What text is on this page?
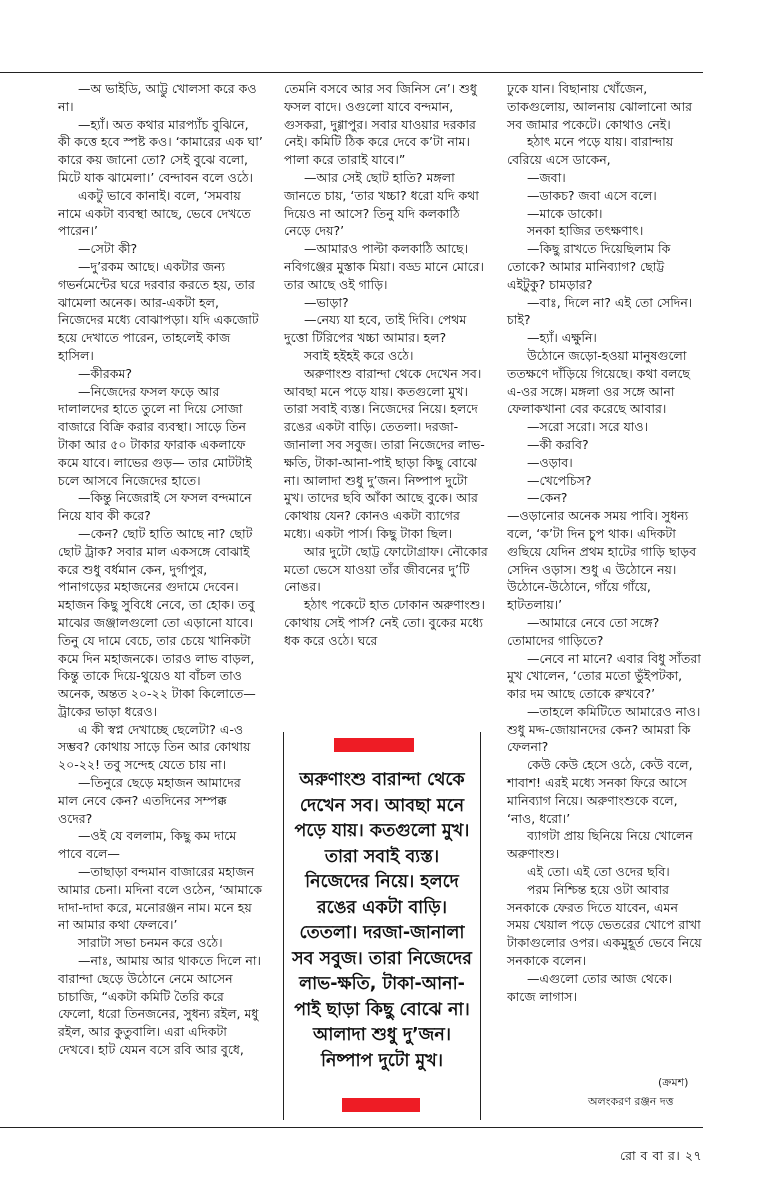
—অ ভাইডি, আট্টু খোলসা করে কও না।

—হ্যাঁ। অত কথার মারপ্যাঁচ বুঝিনে, কী কত্তে হবে স্পষ্ট কও। ‘কামারের এক ঘা’ কারে কয় জানো তো? সেই বুঝে বলো, মিটে যাক ঝামেলা।’ বেন্দাবন বলে ওঠে।

একটু ভাবে কানাই। বলে, ‘সমবায় নামে একটা ব্যবস্থা আছে, ভেবে দেখতে পারেন।’

—সেটা কী?

—দু’রকম আছে। একটার জন্য গভর্নমেন্টের ঘরে দরবার করতে হয়, তার ঝামেলা অনেক। আর-একটা হল, নিজেদের মধ্যে বোঝাপড়া। যদি একজোট হয়ে দেখাতে পারেন, তাহলেই কাজ হাসিল।

—কীরকম?

—নিজেদের ফসল ফড়ে আর দালালদের হাতে তুলে না দিয়ে সোজা বাজারে বিক্রি করার ব্যবস্থা। সাড়ে তিন টাকা আর ৫০ টাকার ফারাক একলাফে কমে যাবে। লাভের গুড়— তার মোটটাই চলে আসবে নিজেদের হাতে।

—কিন্তু নিজেরাই সে ফসল বন্দমানে নিয়ে যাব কী করে?

—কেন? ছোট হাতি আছে না? ছোট ছোট ট্রাক? সবার মাল একসঙ্গে বোঝাই করে শুধু বর্ধমান কেন, দুর্গাপুর, পানাগড়ের মহাজনের গুদামে দেবেন। মহাজন কিছু সুবিধে নেবে, তা হোক। তবু মাঝের জঞ্জালগুলো তো এড়ানো যাবে। তিনু যে দামে বেচে, তার চেয়ে খানিকটা কমে দিন মহাজনকে। তারও লাভ বাড়ল, কিন্তু তাকে দিয়ে-থুয়েও যা বাঁচল তাও অনেক, অন্তত ২০-২২ টাকা কিলোতে— ট্রাকের ভাড়া ধরেও।

এ কী স্বপ্ন দেখাচ্ছে ছেলেটা? এ-ও সম্ভব? কোথায় সাড়ে তিন আর কোথায় ২০-২২! তবু সন্দেহ যেতে চায় না।

—তিনুরে ছেড়ে মহাজন আমাদের মাল নেবে কেন? এতদিনের সম্পক্ক ওদের?

—ওই যে বললাম, কিছু কম দামে পাবে বলে—

—তাছাড়া বন্দমান বাজারের মহাজন আমার চেনা। মদিনা বলে ওঠেন, ‘আমাকে দাদা-দাদা করে, মনোরঞ্জন নাম। মনে হয় না আমার কথা ফেলবে।’

সারাটা সভা চনমন করে ওঠে।

—নাঃ, আমায় আর থাকতে দিলে না। বারান্দা ছেড়ে উঠোনে নেমে আসেন চাচাজি, “একটা কমিটি তৈরি করে ফেলো, ধরো তিনজনের, সুধন্য রইল, মধু রইল, আর কুতুবালি। এরা এদিকটা দেখবে। হাট যেমন বসে রবি আর বুধে,

তেমনি বসবে আর সব জিনিস নে’। শুধু ফসল বাদে। ওগুলো যাবে বন্দমান, গুসকরা, দুগ্গাপুর। সবার যাওয়ার দরকার নেই। কমিটি ঠিক করে দেবে ক’টা নাম। পালা করে তারাই যাবে।”

—আর সেই ছোট হাতি? মঙ্গলা জানতে চায়, ‘তার খচ্চা? ধরো যদি কথা দিয়েও না আসে? তিনু যদি কলকাঠি নেড়ে দেয়?’

—আমারও পাল্টা কলকাঠি আছে। নবিগঞ্জের মুস্তাক মিয়া। বড্ড মানে মোরে। তার আছে ওই গাড়ি।

—ভাড়া?

—নেয্য যা হবে, তাই দিবি। পেথম দুত্তো টিরিপের খচ্চা আমার। হল?

সবাই হইহই করে ওঠে।

অরুণাংশু বারান্দা থেকে দেখেন সব। আবছা মনে পড়ে যায়। কতগুলো মুখ। তারা সবাই ব্যস্ত। নিজেদের নিয়ে। হলদে রঙের একটা বাড়ি। তেতলা। দরজা-জানালা সব সবুজ। তারা নিজেদের লাভ-ক্ষতি, টাকা-আনা-পাই ছাড়া কিছু বোঝে না। আলাদা শুধু দু’জন। নিষ্পাপ দুটো মুখ। তাদের ছবি আঁকা আছে বুকে। আর কোথায় যেন? কোনও একটা ব্যাগের মধ্যে। একটা পার্স। কিছু টাকা ছিল।

আর দুটো ছোট্ট ফোটোগ্রাফ। নৌকোর মতো ভেসে যাওয়া তাঁর জীবনের দু’টি নোঙর।

হঠাৎ পকেটে হাত ঢোকান অরুণাংশু। কোথায় সেই পার্স? নেই তো। বুকের মধ্যে ধক করে ওঠে। ঘরে

ঢুকে যান। বিছানায় খোঁজেন, তাকগুলোয়, আলনায় ঝোলানো আর সব জামার পকেটে। কোথাও নেই।

হঠাৎ মনে পড়ে যায়। বারান্দায় বেরিয়ে এসে ডাকেন,

—জবা।

—ডাকচ? জবা এসে বলে।

—মাকে ডাকো।

সনকা হাজির তৎক্ষণাৎ।

—কিছু রাখতে দিয়েছিলাম কি তোকে? আমার মানিব্যাগ? ছোট্ট এইটুকু? চামড়ার?

—বাঃ, দিলে না? এই তো সেদিন। চাই?

—হ্যাঁ। এক্ষুনি।

উঠোনে জড়ো-হওয়া মানুষগুলো ততক্ষণে দাঁড়িয়ে গিয়েছে। কথা বলছে এ-ওর সঙ্গে। মঙ্গলা ওর সঙ্গে আনা ফেলাকখানা বের করেছে আবার।

—সরো সরো। সরে যাও।

—কী করবি?

—ওড়াব।

—খেপেচিস?

—কেন?

—ওড়ানোর অনেক সময় পাবি। সুধন্য বলে, ‘ক’টা দিন চুপ থাক। এদিকটা গুছিয়ে যেদিন প্রথম হাটের গাড়ি ছাড়ব সেদিন ওড়াস। শুধু এ উঠোনে নয়। উঠোনে-উঠোনে, গাঁয়ে গাঁয়ে, হাটতলায়।’

—আমারে নেবে তো সঙ্গে? তোমাদের গাড়িতে?

—নেবে না মানে? এবার বিধু সাঁতরা মুখ খোলেন, ‘তোর মতো ভুঁইপটকা, কার দম আছে তোকে রুখবে?’

—তাহলে কমিটিতে আমারেও নাও। শুধু মদ্দ-জোয়ানদের কেন? আমরা কি ফেলনা?

কেউ কেউ হেসে ওঠে, কেউ বলে, শাবাশ! এরই মধ্যে সনকা ফিরে আসে মানিব্যাগ নিয়ে। অরুণাংশুকে বলে, ‘নাও, ধরো।’

ব্যাগটা প্রায় ছিনিয়ে নিয়ে খোলেন অরুণাংশু।

এই তো। এই তো ওদের ছবি।

পরম নিশ্চিন্ত হয়ে ওটা আবার সনকাকে ফেরত দিতে যাবেন, এমন সময় খেয়াল পড়ে ভেতরের খোপে রাখা টাকাগুলোর ওপর। একমুহূর্ত ভেবে নিয়ে সনকাকে বলেন।

—এগুলো তোর আজ থেকে। কাজে লাগাস।

অরুণাংশু বারান্দা থেকে দেখেন সব। আবছা মনে পড়ে যায়। কতগুলো মুখ। তারা সবাই ব্যস্ত। নিজেদের নিয়ে। হলদে রঙের একটা বাড়ি। তেতলা। দরজা-জানালা সব সবুজ। তারা নিজেদের লাভ-ক্ষতি, টাকা-আনা-পাই ছাড়া কিছু বোঝে না। আলাদা শুধু দু’জন। নিষ্পাপ দুটো মুখ।
(ক্রমশ)
অলংকরণ রঞ্জন দত্ত
রো ব বা র। ২৭
